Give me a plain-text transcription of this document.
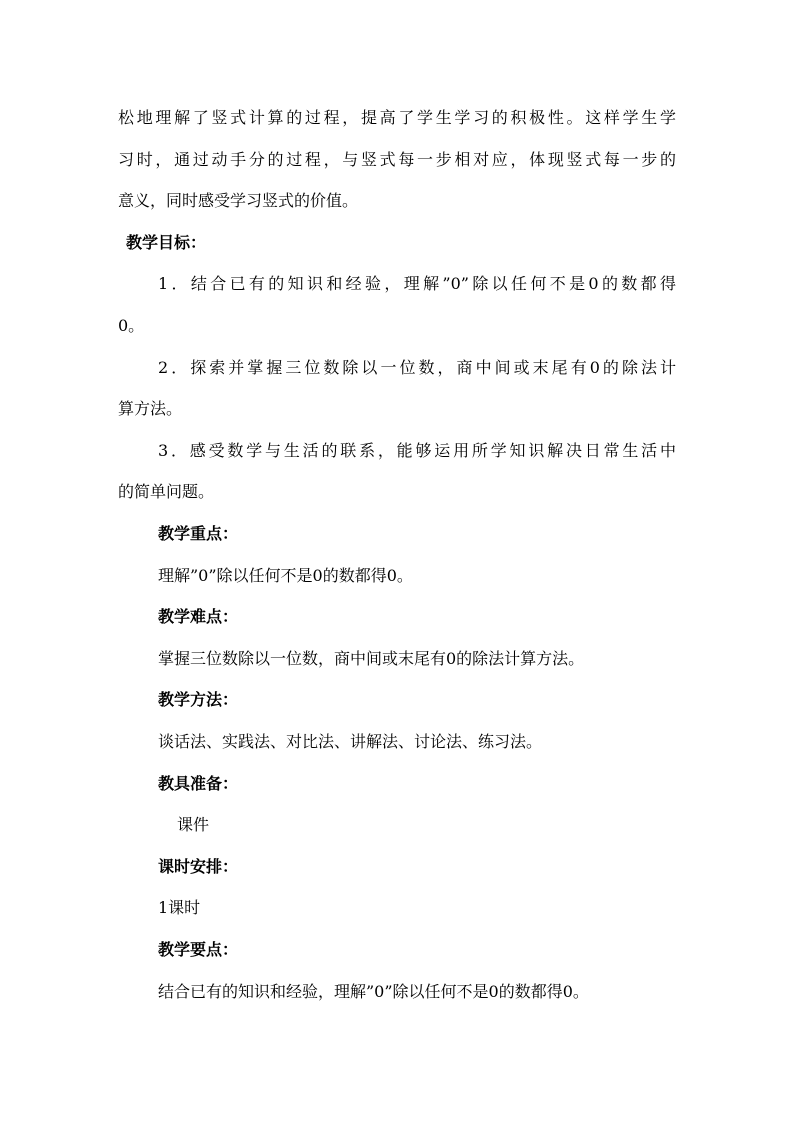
松地理解了竖式计算的过程，提高了学生学习的积极性。这样学生学
习时，通过动手分的过程，与竖式每一步相对应，体现竖式每一步的
意义，同时感受学习竖式的价值。
教学目标：
1．结合已有的知识和经验，理解”0”除以任何不是0的数都得
0。
2．探索并掌握三位数除以一位数，商中间或末尾有0的除法计
算方法。
3．感受数学与生活的联系，能够运用所学知识解决日常生活中
的简单问题。
教学重点：
理解”0”除以任何不是0的数都得0。
教学难点：
掌握三位数除以一位数，商中间或末尾有0的除法计算方法。
教学方法：
谈话法、实践法、对比法、讲解法、讨论法、练习法。
教具准备：
课件
课时安排：
1课时
教学要点：
结合已有的知识和经验，理解”0”除以任何不是0的数都得0。
